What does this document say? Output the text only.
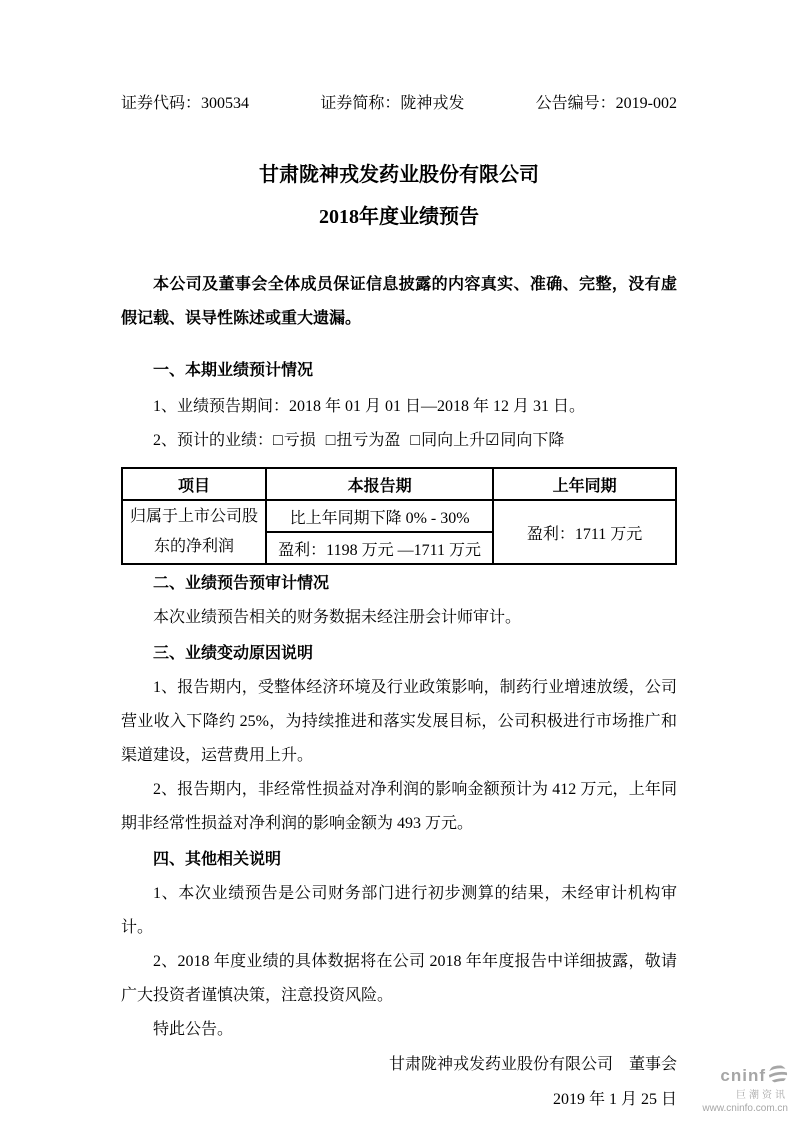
证券代码：300534	证券简称：陇神戎发	公告编号：2019-002
甘肃陇神戎发药业股份有限公司
2018年度业绩预告

本公司及董事会全体成员保证信息披露的内容真实、准确、完整，没有虚假记载、误导性陈述或重大遗漏。

一、本期业绩预计情况

1、业绩预告期间：2018 年 01 月 01 日—2018 年 12 月 31 日。

2、预计的业绩：□亏损 □扭亏为盈 □同向上升☑同向下降

项目	本报告期	上年同期
归属于上市公司股东的净利润	比上年同期下降 0% - 30%	盈利：1711 万元
	盈利：1198 万元 —1711 万元	
二、业绩预告预审计情况

本次业绩预告相关的财务数据未经注册会计师审计。

三、业绩变动原因说明

1、报告期内，受整体经济环境及行业政策影响，制药行业增速放缓，公司营业收入下降约 25%，为持续推进和落实发展目标，公司积极进行市场推广和渠道建设，运营费用上升。

2、报告期内，非经常性损益对净利润的影响金额预计为 412 万元，上年同期非经常性损益对净利润的影响金额为 493 万元。

四、其他相关说明

1、本次业绩预告是公司财务部门进行初步测算的结果，未经审计机构审计。

2、2018 年度业绩的具体数据将在公司 2018 年年度报告中详细披露，敬请广大投资者谨慎决策，注意投资风险。

特此公告。

甘肃陇神戎发药业股份有限公司　董事会
2019 年 1 月 25 日
cninf
巨潮资讯
www.cninfo.com.cn
